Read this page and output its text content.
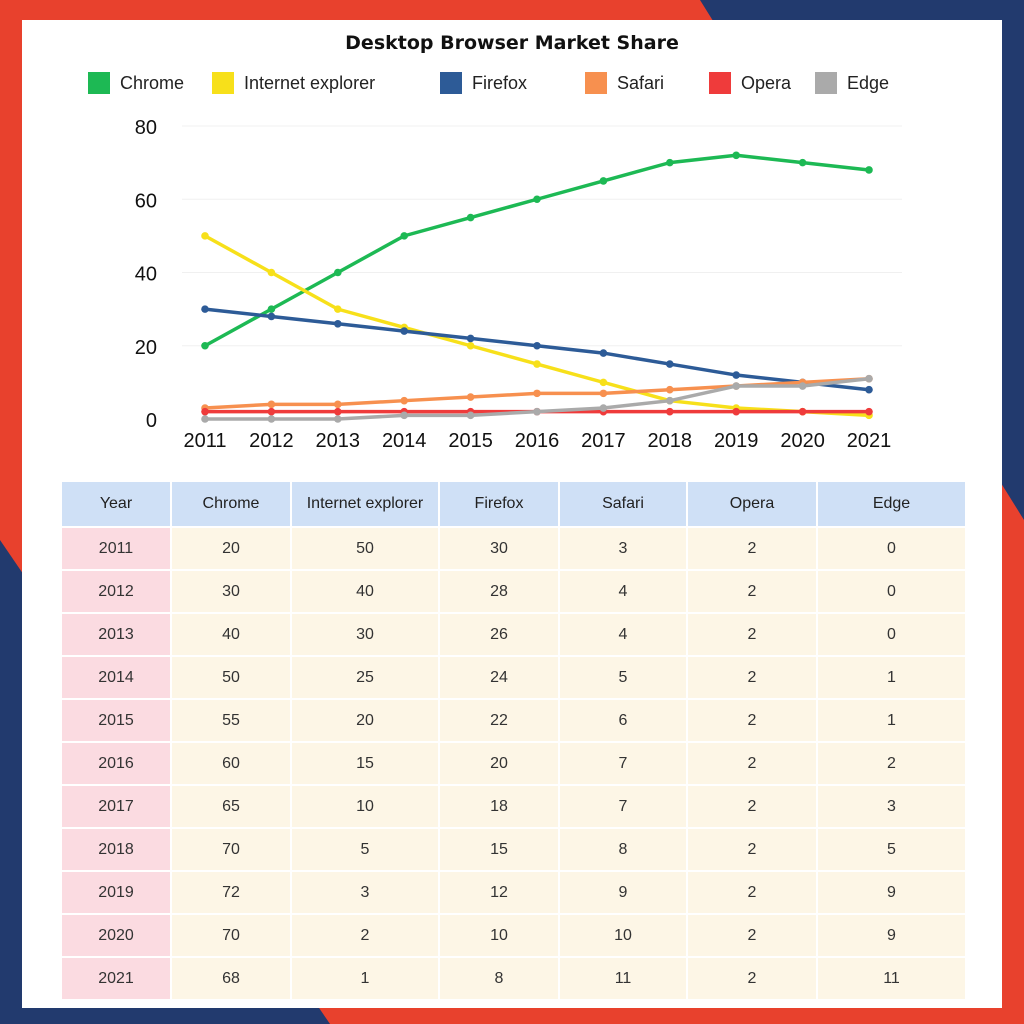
0
20
40
60
80
2011 2012 2013 2014 2015 2016 2017 2018 2019 2020 2021
Desktop Browser Market Share
Chrome	Internet explorer	Firefox	Safari	Opera	Edge
Year	Chrome	Internet explorer	Firefox	Safari	Opera	Edge
2011	20	50	30	3	2	0
2012	30	40	28	4	2	0
2013	40	30	26	4	2	0
2014	50	25	24	5	2	1
2015	55	20	22	6	2	1
2016	60	15	20	7	2	2
2017	65	10	18	7	2	3
2018	70	5	15	8	2	5
2019	72	3	12	9	2	9
2020	70	2	10	10	2	9
2021	68	1	8	11	2	11
